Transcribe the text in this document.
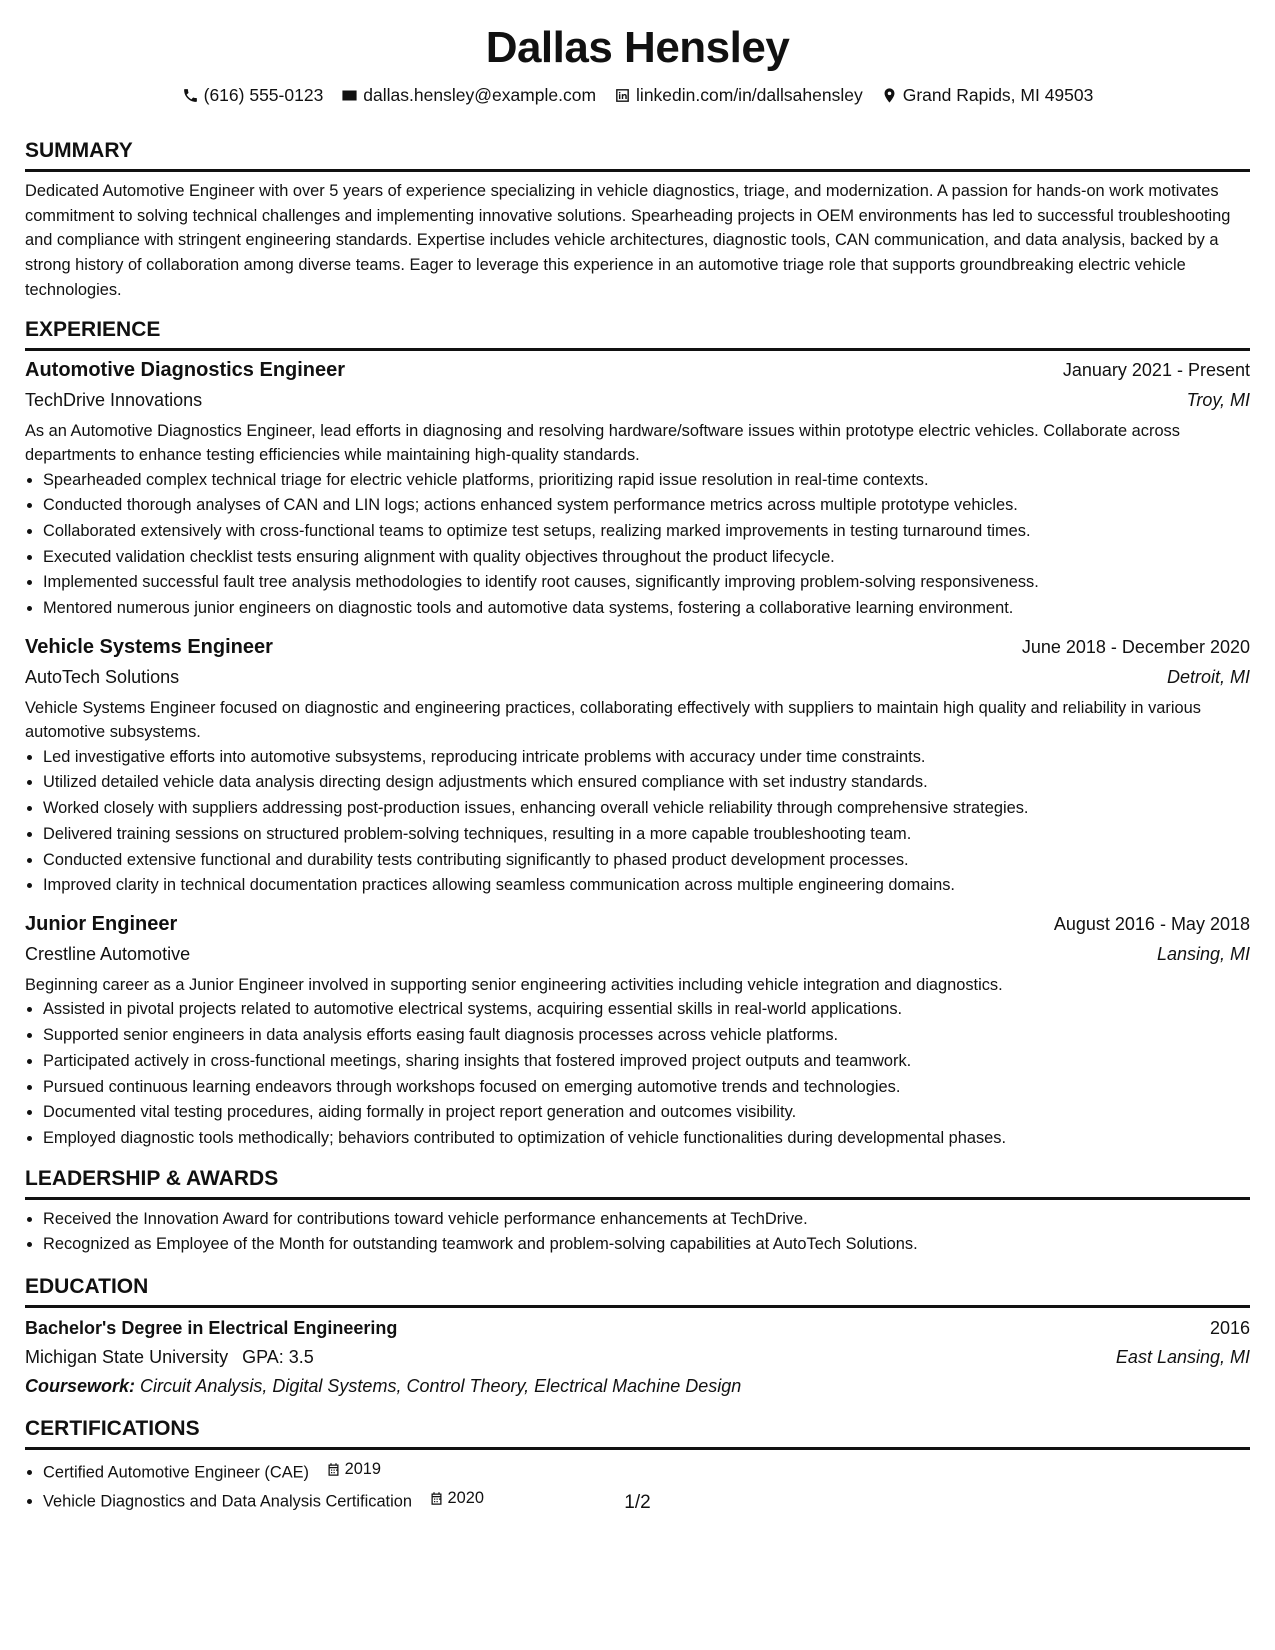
Dallas Hensley
(616) 555-0123 dallas.hensley@example.com linkedin.com/in/dallsahensley Grand Rapids, MI 49503
SUMMARY

Dedicated Automotive Engineer with over 5 years of experience specializing in vehicle diagnostics, triage, and modernization. A passion for hands-on work motivates commitment to solving technical challenges and implementing innovative solutions. Spearheading projects in OEM environments has led to successful troubleshooting and compliance with stringent engineering standards. Expertise includes vehicle architectures, diagnostic tools, CAN communication, and data analysis, backed by a strong history of collaboration among diverse teams. Eager to leverage this experience in an automotive triage role that supports groundbreaking electric vehicle technologies.

EXPERIENCE
Automotive Diagnostics Engineer	January 2021 - Present
TechDrive Innovations	Troy, MI

As an Automotive Diagnostics Engineer, lead efforts in diagnosing and resolving hardware/software issues within prototype electric vehicles. Collaborate across departments to enhance testing efficiencies while maintaining high-quality standards.

• Spearheaded complex technical triage for electric vehicle platforms, prioritizing rapid issue resolution in real-time contexts.
• Conducted thorough analyses of CAN and LIN logs; actions enhanced system performance metrics across multiple prototype vehicles.
• Collaborated extensively with cross-functional teams to optimize test setups, realizing marked improvements in testing turnaround times.
• Executed validation checklist tests ensuring alignment with quality objectives throughout the product lifecycle.
• Implemented successful fault tree analysis methodologies to identify root causes, significantly improving problem-solving responsiveness.
• Mentored numerous junior engineers on diagnostic tools and automotive data systems, fostering a collaborative learning environment.
Vehicle Systems Engineer	June 2018 - December 2020
AutoTech Solutions	Detroit, MI

Vehicle Systems Engineer focused on diagnostic and engineering practices, collaborating effectively with suppliers to maintain high quality and reliability in various automotive subsystems.

• Led investigative efforts into automotive subsystems, reproducing intricate problems with accuracy under time constraints.
• Utilized detailed vehicle data analysis directing design adjustments which ensured compliance with set industry standards.
• Worked closely with suppliers addressing post-production issues, enhancing overall vehicle reliability through comprehensive strategies.
• Delivered training sessions on structured problem-solving techniques, resulting in a more capable troubleshooting team.
• Conducted extensive functional and durability tests contributing significantly to phased product development processes.
• Improved clarity in technical documentation practices allowing seamless communication across multiple engineering domains.
Junior Engineer	August 2016 - May 2018
Crestline Automotive	Lansing, MI

Beginning career as a Junior Engineer involved in supporting senior engineering activities including vehicle integration and diagnostics.

• Assisted in pivotal projects related to automotive electrical systems, acquiring essential skills in real-world applications.
• Supported senior engineers in data analysis efforts easing fault diagnosis processes across vehicle platforms.
• Participated actively in cross-functional meetings, sharing insights that fostered improved project outputs and teamwork.
• Pursued continuous learning endeavors through workshops focused on emerging automotive trends and technologies.
• Documented vital testing procedures, aiding formally in project report generation and outcomes visibility.
• Employed diagnostic tools methodically; behaviors contributed to optimization of vehicle functionalities during developmental phases.
LEADERSHIP & AWARDS
• Received the Innovation Award for contributions toward vehicle performance enhancements at TechDrive.
• Recognized as Employee of the Month for outstanding teamwork and problem-solving capabilities at AutoTech Solutions.
EDUCATION
Bachelor's Degree in Electrical Engineering	2016
Michigan State University GPA: 3.5	East Lansing, MI
Coursework: Circuit Analysis, Digital Systems, Control Theory, Electrical Machine Design
CERTIFICATIONS
• Certified Automotive Engineer (CAE) 2019
• Vehicle Diagnostics and Data Analysis Certification 2020	1/2
